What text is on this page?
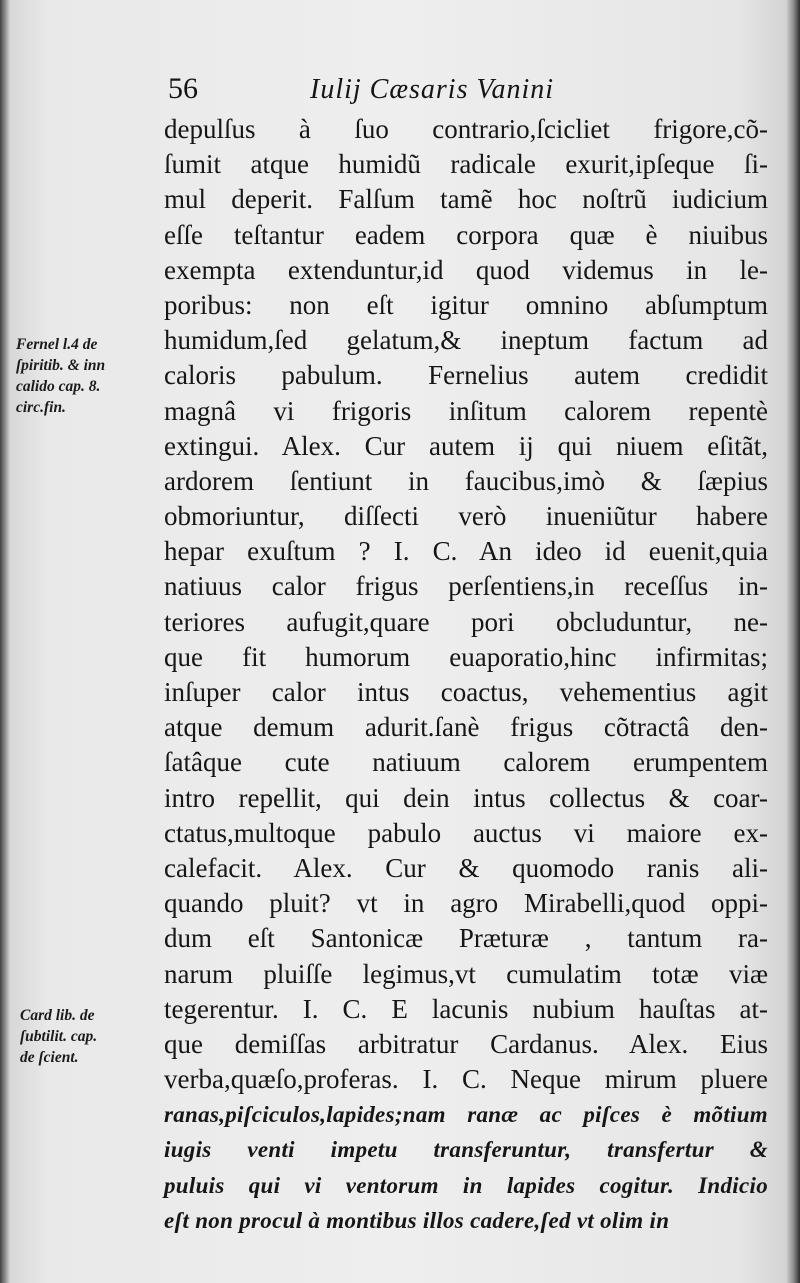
56	Iulij Cæsaris Vanini
Fernel l.4 de
ſpiritib. & inn
calido cap. 8.
circ.fin.
Card lib. de
ſubtilit. cap.
de ſcient.
depulſus à ſuo contrario,ſcicliet frigore,cõ-
ſumit atque humidũ radicale exurit,ipſeque ſi-
mul deperit. Falſum tamẽ hoc noſtrũ iudicium
eſſe teſtantur eadem corpora quæ è niuibus
exempta extenduntur,id quod videmus in le-
poribus: non eſt igitur omnino abſumptum
humidum,ſed gelatum,& ineptum factum ad
caloris pabulum. Fernelius autem credidit
magnâ vi frigoris inſitum calorem repentè
extingui. Alex. Cur autem ij qui niuem eſitãt,
ardorem ſentiunt in faucibus,imò & ſæpius
obmoriuntur, diſſecti verò inueniũtur habere
hepar exuſtum ? I. C. An ideo id euenit,quia
natiuus calor frigus perſentiens,in receſſus in-
teriores aufugit,quare pori obcluduntur, ne-
que fit humorum euaporatio,hinc infirmitas;
inſuper calor intus coactus, vehementius agit
atque demum adurit.ſanè frigus cõtractâ den-
ſatâque cute natiuum calorem erumpentem
intro repellit, qui dein intus collectus & coar-
ctatus,multoque pabulo auctus vi maiore ex-
calefacit. Alex. Cur & quomodo ranis ali-
quando pluit? vt in agro Mirabelli,quod oppi-
dum eſt Santonicæ Præturæ , tantum ra-
narum pluiſſe legimus,vt cumulatim totæ viæ
tegerentur. I. C. E lacunis nubium hauſtas at-
que demiſſas arbitratur Cardanus. Alex. Eius
verba,quæſo,proferas. I. C. Neque mirum pluere
ranas,piſciculos,lapides;nam ranæ ac piſces è mõtium
iugis venti impetu transferuntur, transfertur &
puluis qui vi ventorum in lapides cogitur. Indicio
eſt non procul à montibus illos cadere,ſed vt olim in
